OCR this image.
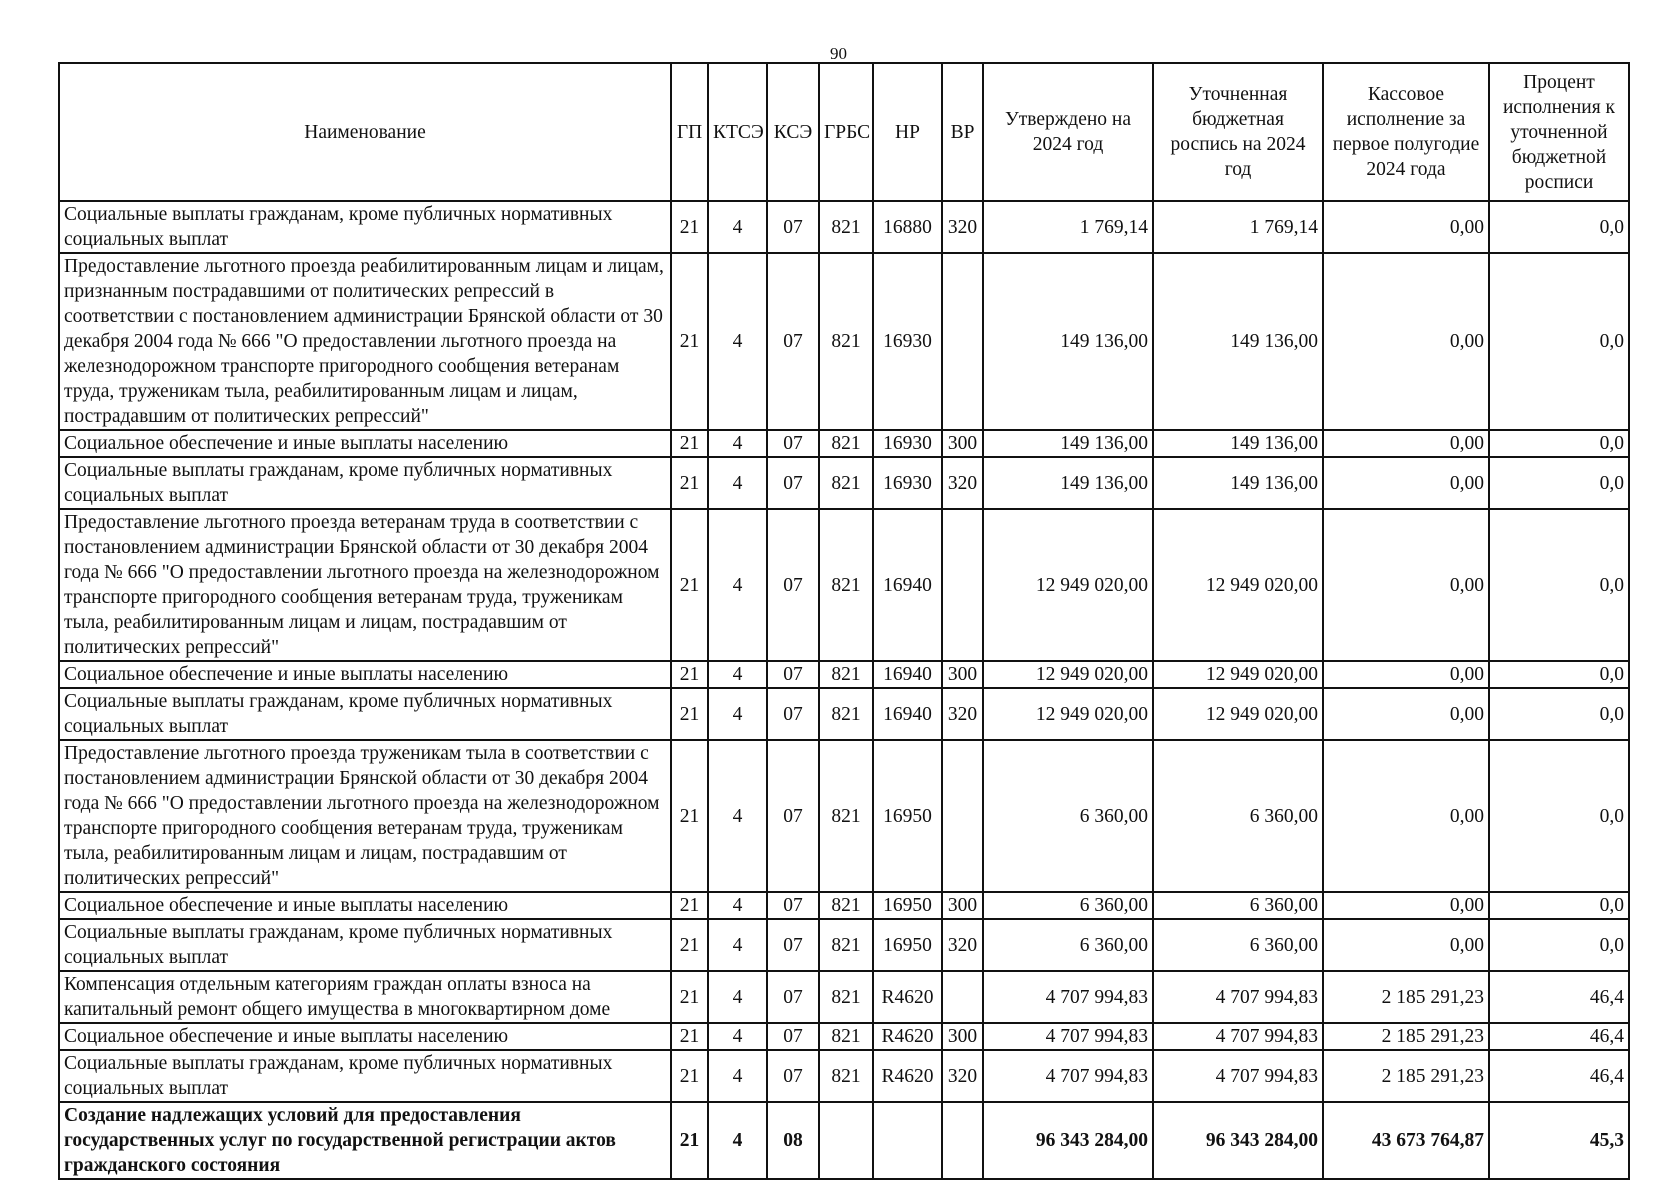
90
Наименование	ГП	КТСЭ	КСЭ	ГРБС	НР	ВР	Утверждено на 2024 год	Уточненная бюджетная роспись на 2024 год	Кассовое исполнение за первое полугодие 2024 года	Процент исполнения к уточненной бюджетной росписи
Социальные выплаты гражданам, кроме публичных нормативных социальных выплат	21	4	07	821	16880	320	1 769,14	1 769,14	0,00	0,0
Предоставление льготного проезда реабилитированным лицам и лицам, признанным пострадавшими от политических репрессий в соответствии с постановлением администрации Брянской области от 30 декабря 2004 года № 666 "О предоставлении льготного проезда на железнодорожном транспорте пригородного сообщения ветеранам труда, труженикам тыла, реабилитированным лицам и лицам, пострадавшим от политических репрессий"	21	4	07	821	16930		149 136,00	149 136,00	0,00	0,0
Социальное обеспечение и иные выплаты населению	21	4	07	821	16930	300	149 136,00	149 136,00	0,00	0,0
Социальные выплаты гражданам, кроме публичных нормативных социальных выплат	21	4	07	821	16930	320	149 136,00	149 136,00	0,00	0,0
Предоставление льготного проезда ветеранам труда в соответствии с постановлением администрации Брянской области от 30 декабря 2004 года № 666 "О предоставлении льготного проезда на железнодорожном транспорте пригородного сообщения ветеранам труда, труженикам тыла, реабилитированным лицам и лицам, пострадавшим от политических репрессий"	21	4	07	821	16940		12 949 020,00	12 949 020,00	0,00	0,0
Социальное обеспечение и иные выплаты населению	21	4	07	821	16940	300	12 949 020,00	12 949 020,00	0,00	0,0
Социальные выплаты гражданам, кроме публичных нормативных социальных выплат	21	4	07	821	16940	320	12 949 020,00	12 949 020,00	0,00	0,0
Предоставление льготного проезда труженикам тыла в соответствии с постановлением администрации Брянской области от 30 декабря 2004 года № 666 "О предоставлении льготного проезда на железнодорожном транспорте пригородного сообщения ветеранам труда, труженикам тыла, реабилитированным лицам и лицам, пострадавшим от политических репрессий"	21	4	07	821	16950		6 360,00	6 360,00	0,00	0,0
Социальное обеспечение и иные выплаты населению	21	4	07	821	16950	300	6 360,00	6 360,00	0,00	0,0
Социальные выплаты гражданам, кроме публичных нормативных социальных выплат	21	4	07	821	16950	320	6 360,00	6 360,00	0,00	0,0
Компенсация отдельным категориям граждан оплаты взноса на капитальный ремонт общего имущества в многоквартирном доме	21	4	07	821	R4620		4 707 994,83	4 707 994,83	2 185 291,23	46,4
Социальное обеспечение и иные выплаты населению	21	4	07	821	R4620	300	4 707 994,83	4 707 994,83	2 185 291,23	46,4
Социальные выплаты гражданам, кроме публичных нормативных социальных выплат	21	4	07	821	R4620	320	4 707 994,83	4 707 994,83	2 185 291,23	46,4
Создание надлежащих условий для предоставления государственных услуг по государственной регистрации актов гражданского состояния	21	4	08				96 343 284,00	96 343 284,00	43 673 764,87	45,3
